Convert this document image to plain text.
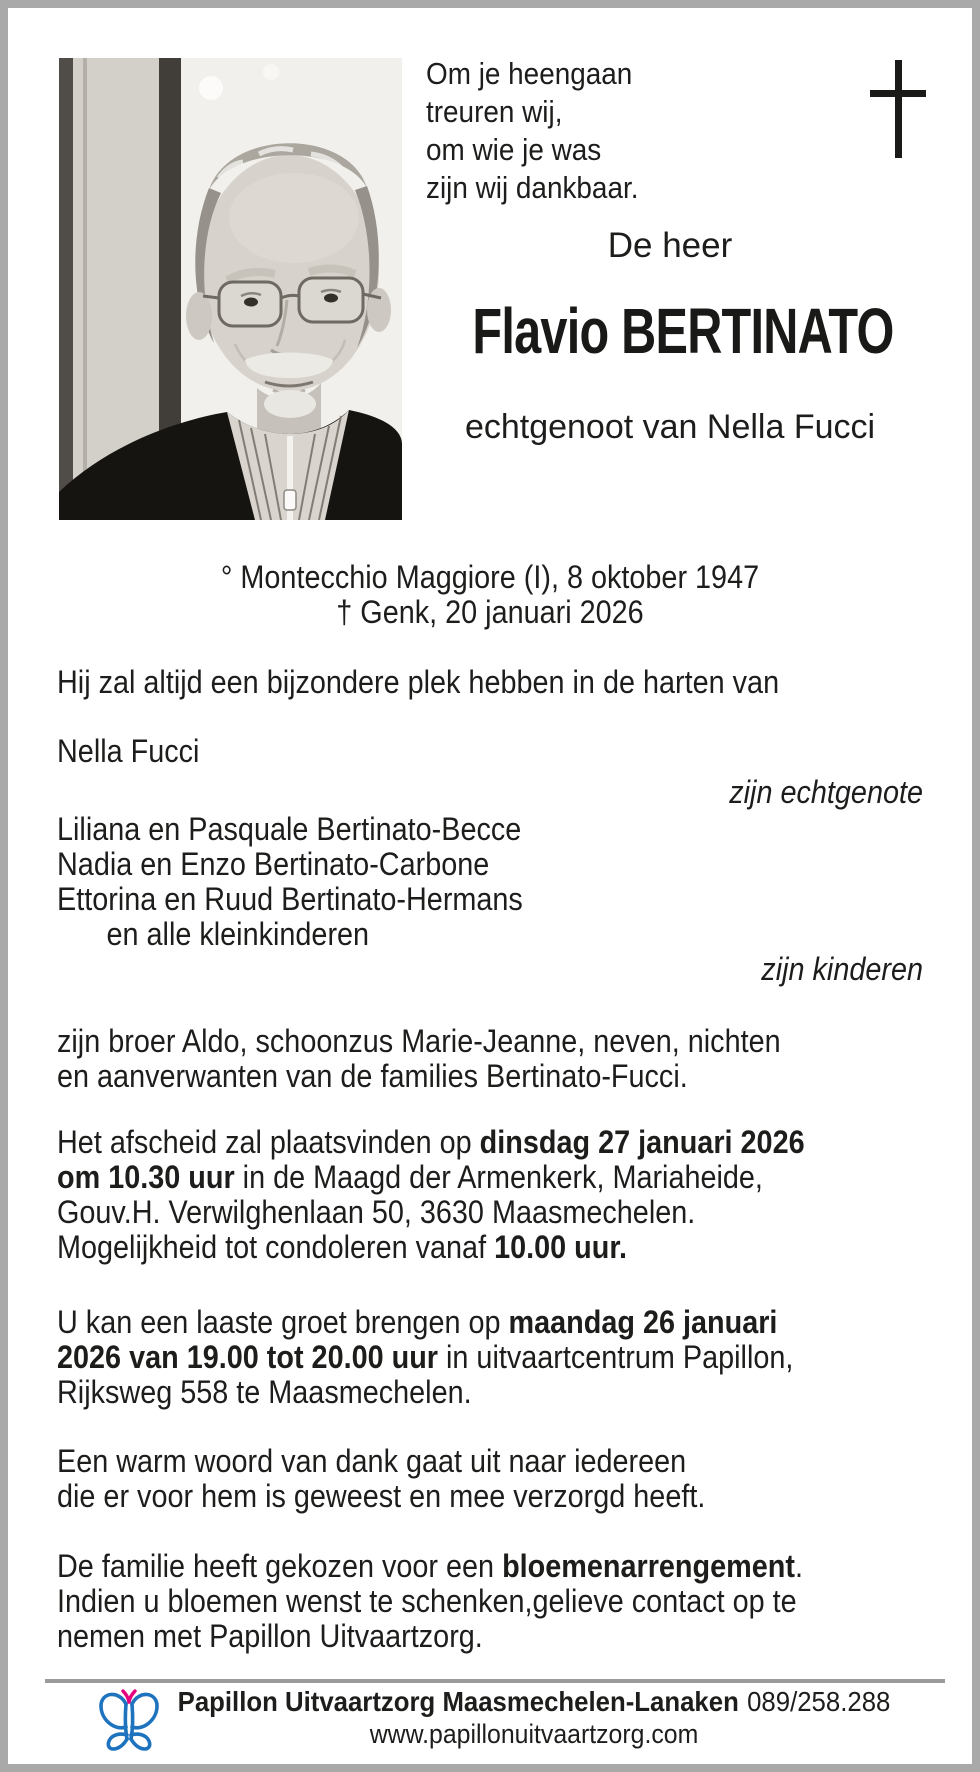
Om je heengaan
treuren wij,
om wie je was
zijn wij dankbaar.
De heer
Flavio BERTINATO
echtgenoot van Nella Fucci
° Montecchio Maggiore (I), 8 oktober 1947
† Genk, 20 januari 2026
Hij zal altijd een bijzondere plek hebben in de harten van
Nella Fucci
zijn echtgenote
Liliana en Pasquale Bertinato-Becce
Nadia en Enzo Bertinato-Carbone
Ettorina en Ruud Bertinato-Hermans
en alle kleinkinderen
zijn kinderen
zijn broer Aldo, schoonzus Marie-Jeanne, neven, nichten
en aanverwanten van de families Bertinato-Fucci.
Het afscheid zal plaatsvinden op dinsdag 27 januari 2026
om 10.30 uur in de Maagd der Armenkerk, Mariaheide,
Gouv.H. Verwilghenlaan 50, 3630 Maasmechelen.
Mogelijkheid tot condoleren vanaf 10.00 uur.
U kan een laaste groet brengen op maandag 26 januari
2026 van 19.00 tot 20.00 uur in uitvaartcentrum Papillon,
Rijksweg 558 te Maasmechelen.
Een warm woord van dank gaat uit naar iedereen
die er voor hem is geweest en mee verzorgd heeft.
De familie heeft gekozen voor een bloemenarrengement.
Indien u bloemen wenst te schenken,gelieve contact op te
nemen met Papillon Uitvaartzorg.
Papillon Uitvaartzorg Maasmechelen-Lanaken 089/258.288
www.papillonuitvaartzorg.com
